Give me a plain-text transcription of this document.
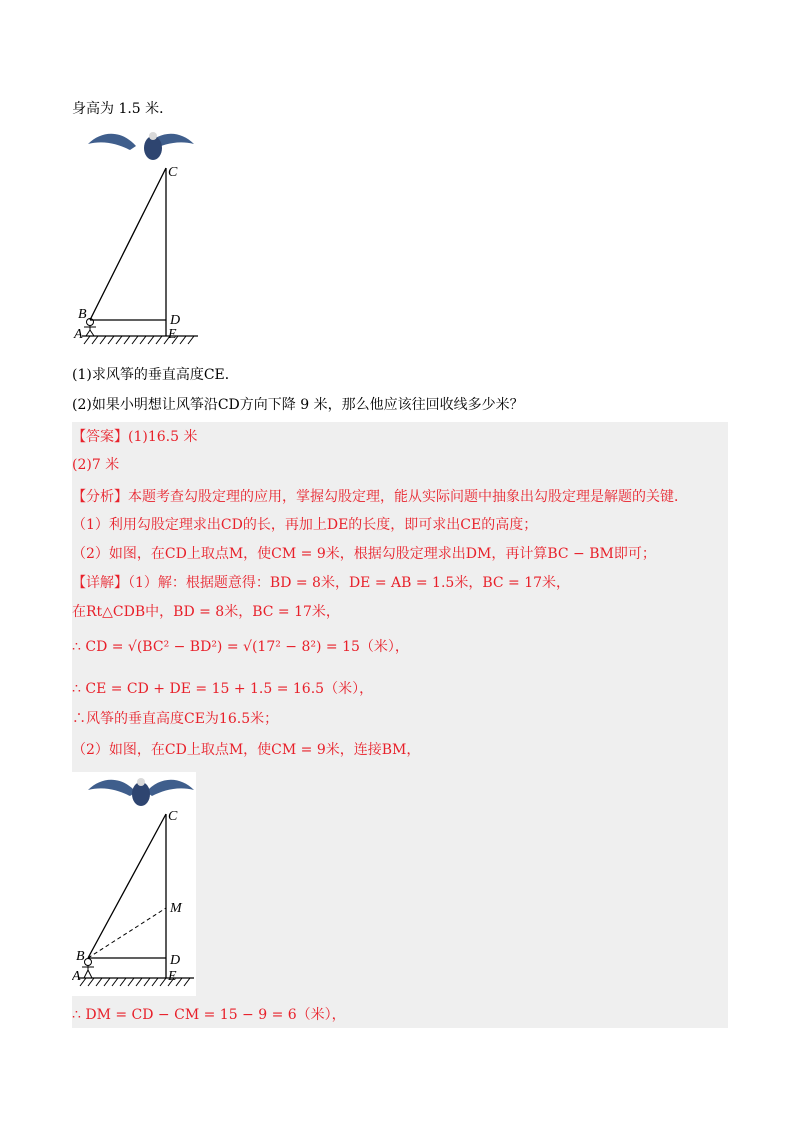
身高为 1.5 米．
C
B	D
A	E
(1)求风筝的垂直高度CE．
(2)如果小明想让风筝沿CD方向下降 9 米，那么他应该往回收线多少米？
【答案】(1)16.5 米
(2)7 米
【分析】本题考查勾股定理的应用，掌握勾股定理，能从实际问题中抽象出勾股定理是解题的关键．
（1）利用勾股定理求出CD的长，再加上DE的长度，即可求出CE的高度；
（2）如图，在CD上取点M，使CM = 9米，根据勾股定理求出DM，再计算BC − BM即可；
【详解】（1）解：根据题意得：BD = 8米，DE = AB = 1.5米，BC = 17米，
在Rt△CDB中，BD = 8米，BC = 17米，
∴ CD = √(BC² − BD²) = √(17² − 8²) = 15（米），
∴ CE = CD + DE = 15 + 1.5 = 16.5（米），
∴风筝的垂直高度CE为16.5米；
（2）如图，在CD上取点M，使CM = 9米，连接BM，
C
M
B	D
A	E
∴ DM = CD − CM = 15 − 9 = 6（米），
